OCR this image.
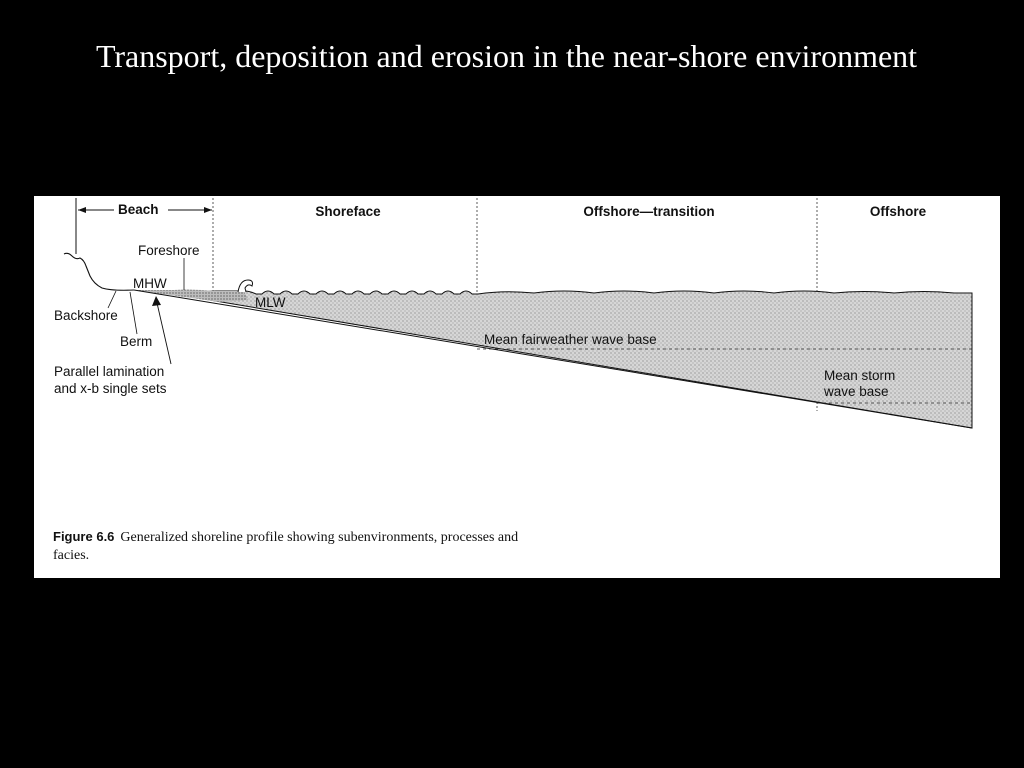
Transport, deposition and erosion in the near-shore environment
Beach	Shoreface	Offshore—transition	Offshore
Foreshore
MHW
MLW
Backshore
Berm
Parallel lamination
and x-b single sets
Mean fairweather wave base
Mean storm
wave base
Figure 6.6 Generalized shoreline profile showing subenvironments, processes and facies.
